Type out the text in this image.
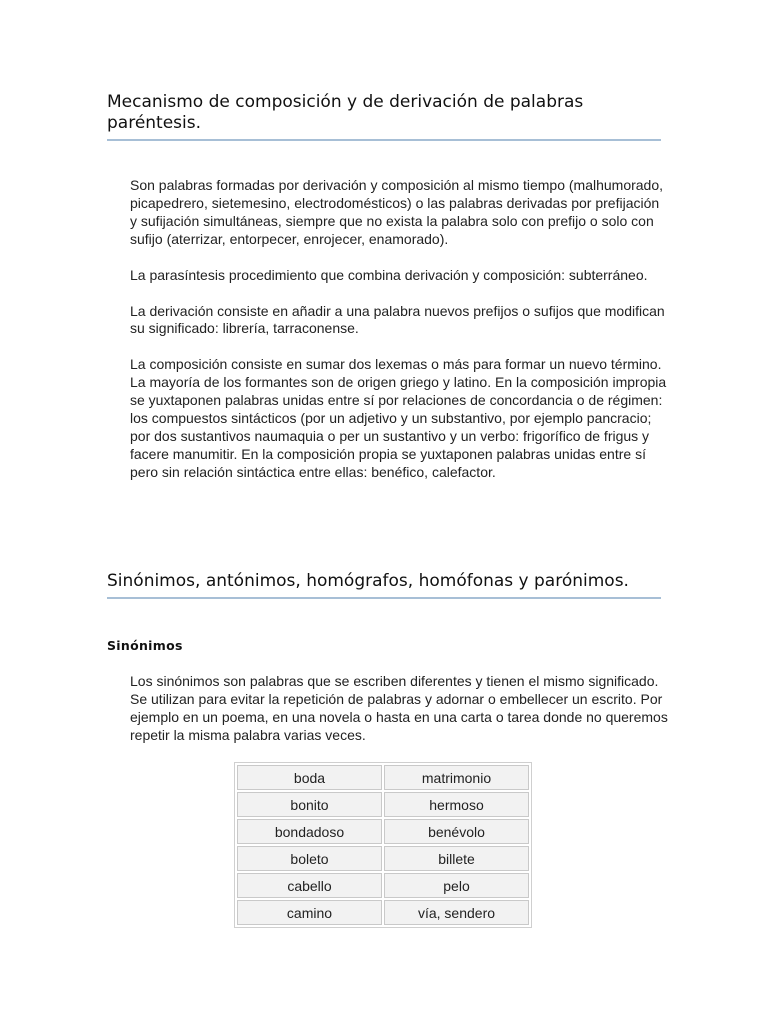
Mecanismo de composición y de derivación de palabras paréntesis.

Son palabras formadas por derivación y composición al mismo tiempo (malhumorado, picapedrero, sietemesino, electrodomésticos) o las palabras derivadas por prefijación y sufijación simultáneas, siempre que no exista la palabra solo con prefijo o solo con sufijo (aterrizar, entorpecer, enrojecer, enamorado).

La parasíntesis procedimiento que combina derivación y composición: subterráneo.

La derivación consiste en añadir a una palabra nuevos prefijos o sufijos que modifican su significado: librería, tarraconense.

La composición consiste en sumar dos lexemas o más para formar un nuevo término. La mayoría de los formantes son de origen griego y latino. En la composición impropia se yuxtaponen palabras unidas entre sí por relaciones de concordancia o de régimen: los compuestos sintácticos (por un adjetivo y un substantivo, por ejemplo pancracio; por dos sustantivos naumaquia o per un sustantivo y un verbo: frigorífico de frigus y facere manumitir. En la composición propia se yuxtaponen palabras unidas entre sí pero sin relación sintáctica entre ellas: benéfico, calefactor.

Sinónimos, antónimos, homógrafos, homófonas y parónimos.
Sinónimos

Los sinónimos son palabras que se escriben diferentes y tienen el mismo significado. Se utilizan para evitar la repetición de palabras y adornar o embellecer un escrito. Por ejemplo en un poema, en una novela o hasta en una carta o tarea donde no queremos repetir la misma palabra varias veces.

boda	matrimonio
bonito	hermoso
bondadoso	benévolo
boleto	billete
cabello	pelo
camino	vía, sendero
